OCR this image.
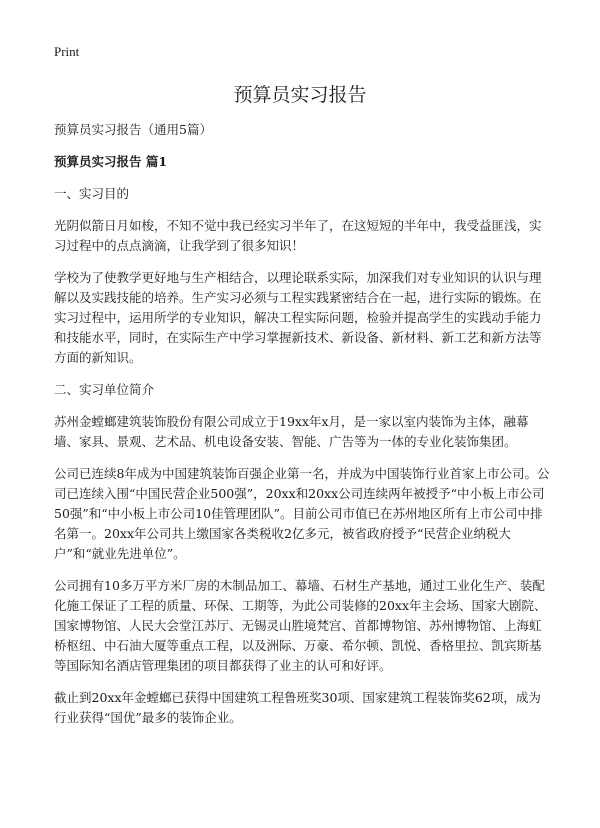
Print
预算员实习报告

预算员实习报告（通用5篇）

预算员实习报告 篇1

一、实习目的

光阴似箭日月如梭，不知不觉中我已经实习半年了，在这短短的半年中，我受益匪浅，实习过程中的点点滴滴，让我学到了很多知识！

学校为了使教学更好地与生产相结合，以理论联系实际，加深我们对专业知识的认识与理解以及实践技能的培养。生产实习必须与工程实践紧密结合在一起，进行实际的锻炼。在实习过程中，运用所学的专业知识，解决工程实际问题，检验并提高学生的实践动手能力和技能水平，同时，在实际生产中学习掌握新技术、新设备、新材料、新工艺和新方法等方面的新知识。

二、实习单位简介

苏州金螳螂建筑装饰股份有限公司成立于19xx年x月，是一家以室内装饰为主体，融幕墙、家具、景观、艺术品、机电设备安装、智能、广告等为一体的专业化装饰集团。

公司已连续8年成为中国建筑装饰百强企业第一名，并成为中国装饰行业首家上市公司。公司已连续入围“中国民营企业500强”，20xx和20xx公司连续两年被授予“中小板上市公司50强”和“中小板上市公司10佳管理团队”。目前公司市值已在苏州地区所有上市公司中排名第一。20xx年公司共上缴国家各类税收2亿多元，被省政府授予“民营企业纳税大户”和“就业先进单位”。

公司拥有10多万平方米厂房的木制品加工、幕墙、石材生产基地，通过工业化生产、装配化施工保证了工程的质量、环保、工期等，为此公司装修的20xx年主会场、国家大剧院、国家博物馆、人民大会堂江苏厅、无锡灵山胜境梵宫、首都博物馆、苏州博物馆、上海虹桥枢纽、中石油大厦等重点工程，以及洲际、万豪、希尔顿、凯悦、香格里拉、凯宾斯基等国际知名酒店管理集团的项目都获得了业主的认可和好评。

截止到20xx年金螳螂已获得中国建筑工程鲁班奖30项、国家建筑工程装饰奖62项，成为行业获得“国优”最多的装饰企业。
